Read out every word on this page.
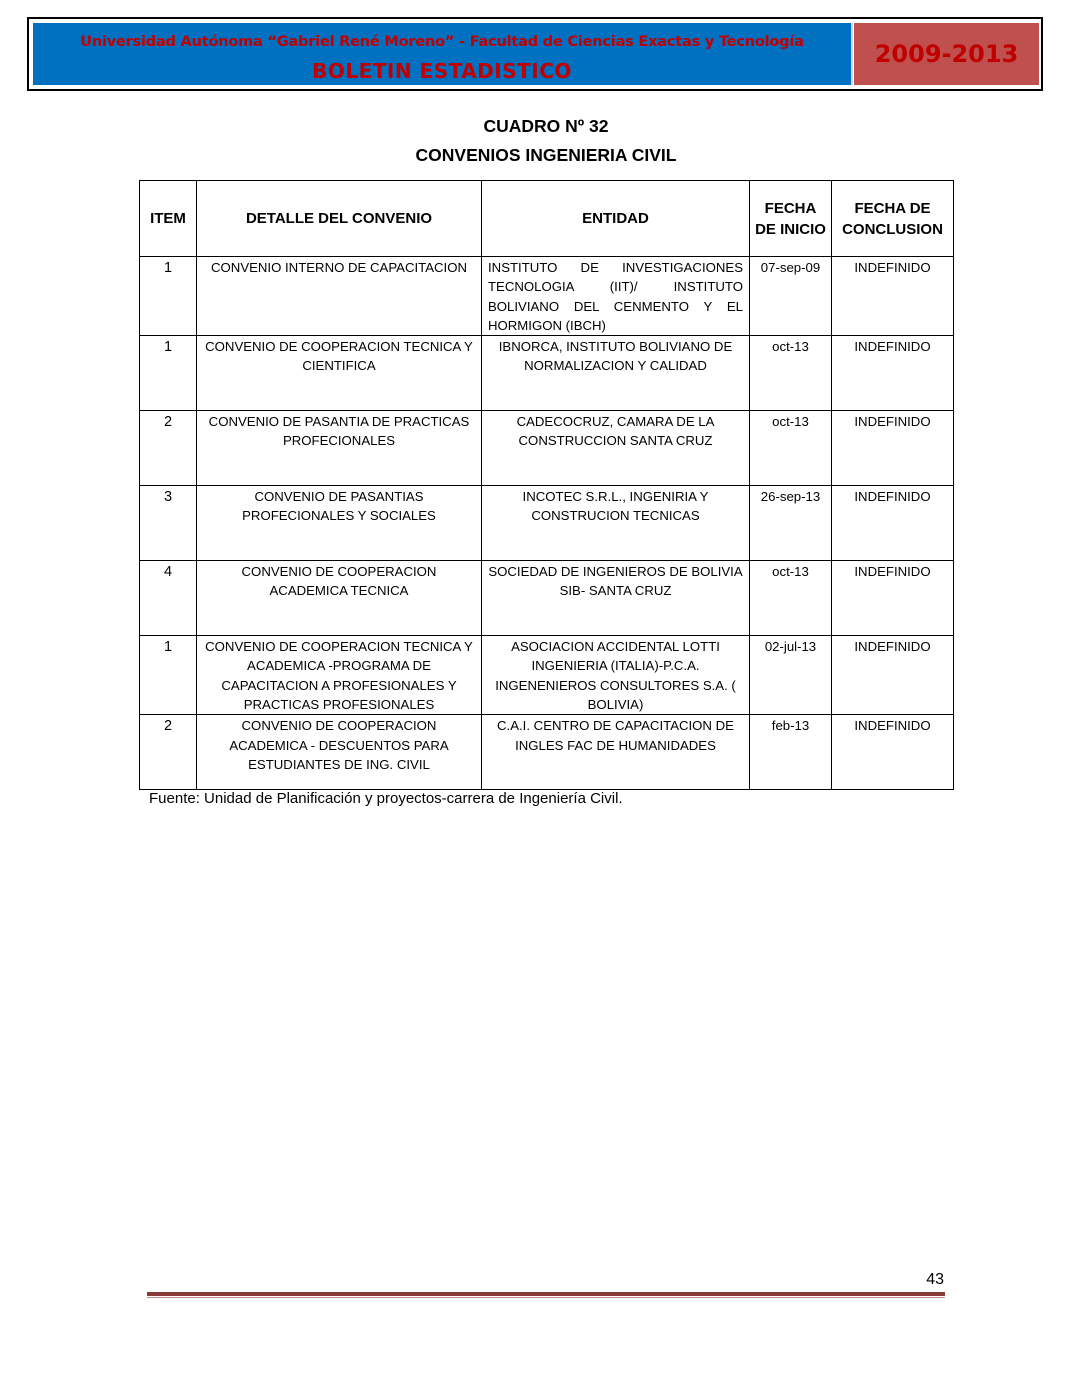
Universidad Autónoma “Gabriel René Moreno” - Facultad de Ciencias Exactas y Tecnología
BOLETIN ESTADISTICO
2009-2013
CUADRO Nº 32
CONVENIOS INGENIERIA CIVIL
ITEM	DETALLE DEL CONVENIO	ENTIDAD	FECHA DE INICIO	FECHA DE CONCLUSION
1	CONVENIO INTERNO DE CAPACITACION	INSTITUTO DE INVESTIGACIONES TECNOLOGIA (IIT)/ INSTITUTO BOLIVIANO DEL CENMENTO Y EL HORMIGON (IBCH)	07-sep-09	INDEFINIDO
1	CONVENIO DE COOPERACION TECNICA Y CIENTIFICA	IBNORCA, INSTITUTO BOLIVIANO DE NORMALIZACION Y CALIDAD	oct-13	INDEFINIDO
2	CONVENIO DE PASANTIA DE PRACTICAS PROFECIONALES	CADECOCRUZ, CAMARA DE LA CONSTRUCCION SANTA CRUZ	oct-13	INDEFINIDO
3	CONVENIO DE PASANTIAS PROFECIONALES Y SOCIALES	INCOTEC S.R.L., INGENIRIA Y CONSTRUCION TECNICAS	26-sep-13	INDEFINIDO
4	CONVENIO DE COOPERACION ACADEMICA TECNICA	SOCIEDAD DE INGENIEROS DE BOLIVIA SIB- SANTA CRUZ	oct-13	INDEFINIDO
1	CONVENIO DE COOPERACION TECNICA Y ACADEMICA -PROGRAMA DE CAPACITACION A PROFESIONALES Y PRACTICAS PROFESIONALES	ASOCIACION ACCIDENTAL LOTTI INGENIERIA (ITALIA)-P.C.A. INGENENIEROS CONSULTORES S.A. ( BOLIVIA)	02-jul-13	INDEFINIDO
2	CONVENIO DE COOPERACION ACADEMICA - DESCUENTOS PARA ESTUDIANTES DE ING. CIVIL	C.A.I. CENTRO DE CAPACITACION DE INGLES FAC DE HUMANIDADES	feb-13	INDEFINIDO
Fuente: Unidad de Planificación y proyectos-carrera de Ingeniería Civil.
43
